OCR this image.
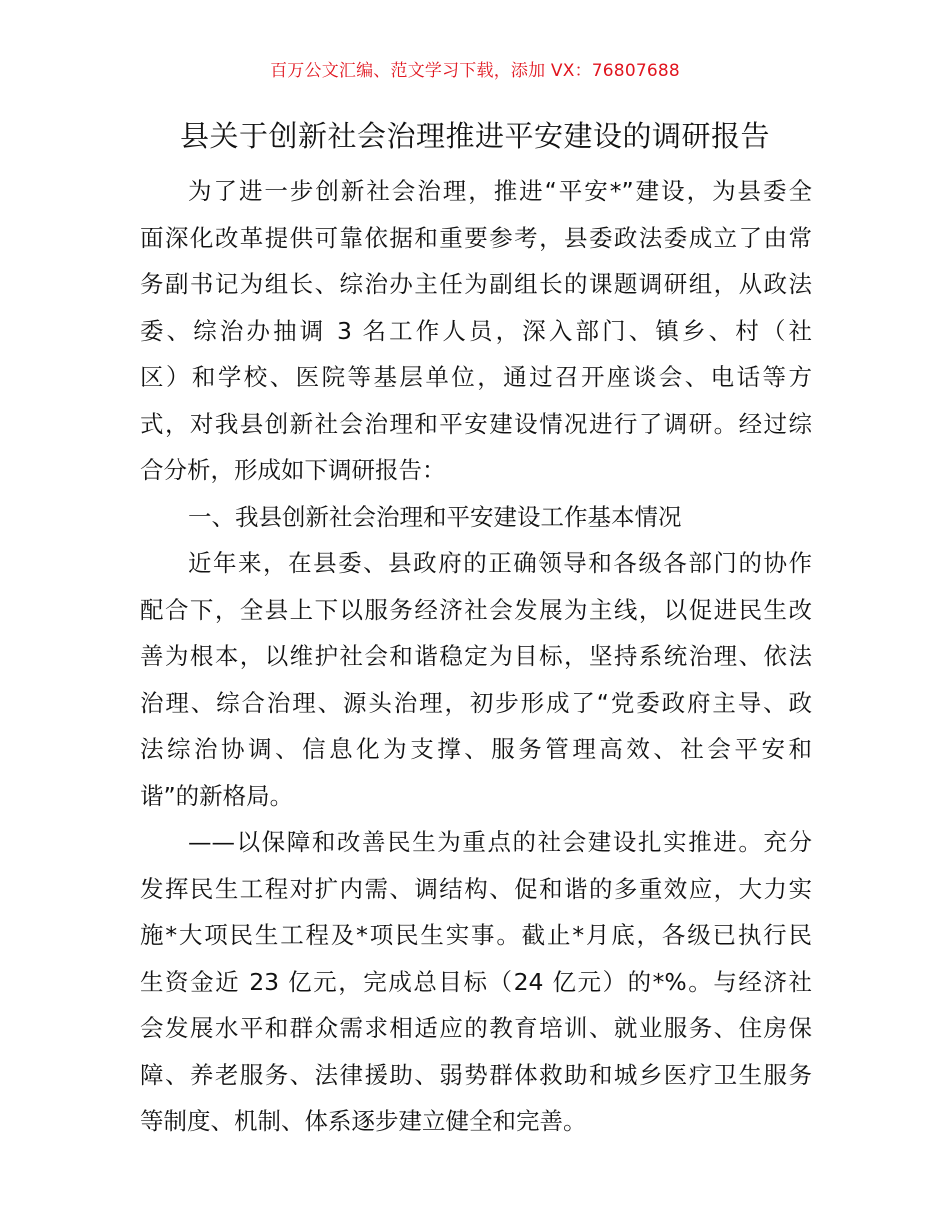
百万公文汇编、范文学习下载，添加 VX：76807688
县关于创新社会治理推进平安建设的调研报告

为了进一步创新社会治理，推进“平安*”建设，为县委全
面深化改革提供可靠依据和重要参考，县委政法委成立了由常
务副书记为组长、综治办主任为副组长的课题调研组，从政法
委、综治办抽调 3 名工作人员，深入部门、镇乡、村（社
区）和学校、医院等基层单位，通过召开座谈会、电话等方
式，对我县创新社会治理和平安建设情况进行了调研。经过综
合分析，形成如下调研报告：

一、我县创新社会治理和平安建设工作基本情况

近年来，在县委、县政府的正确领导和各级各部门的协作
配合下，全县上下以服务经济社会发展为主线，以促进民生改
善为根本，以维护社会和谐稳定为目标，坚持系统治理、依法
治理、综合治理、源头治理，初步形成了“党委政府主导、政
法综治协调、信息化为支撑、服务管理高效、社会平安和
谐”的新格局。

——以保障和改善民生为重点的社会建设扎实推进。充分
发挥民生工程对扩内需、调结构、促和谐的多重效应，大力实
施*大项民生工程及*项民生实事。截止*月底，各级已执行民
生资金近 23 亿元，完成总目标（24 亿元）的*%。与经济社
会发展水平和群众需求相适应的教育培训、就业服务、住房保
障、养老服务、法律援助、弱势群体救助和城乡医疗卫生服务
等制度、机制、体系逐步建立健全和完善。
